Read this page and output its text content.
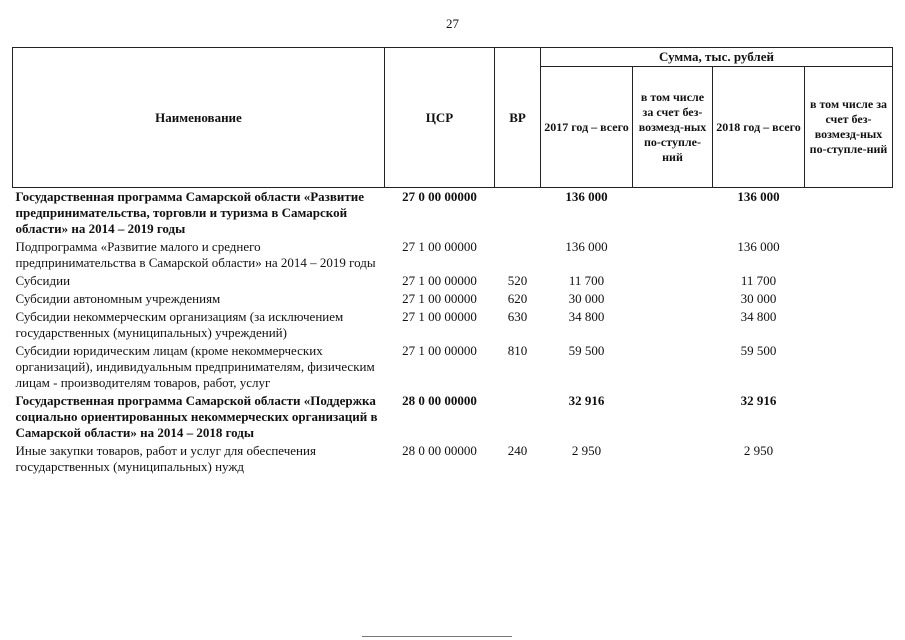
27
Наименование	ЦСР	ВР	Сумма, тыс. рублей			
			2017 год – всего	в том числе за счет без-возмезд-ных по-ступле-ний	2018 год – всего	в том числе за счет без-возмезд-ных по-ступле-ний
Государственная программа Самарской области «Развитие предпринимательства, торговли и туризма в Самарской области» на 2014 – 2019 годы	27 0 00 00000		136 000		136 000	
Подпрограмма «Развитие малого и среднего предпринимательства в Самарской области» на 2014 – 2019 годы	27 1 00 00000		136 000		136 000	
Субсидии	27 1 00 00000	520	11 700		11 700	
Субсидии автономным учреждениям	27 1 00 00000	620	30 000		30 000	
Субсидии некоммерческим организациям (за исключением государственных (муниципальных) учреждений)	27 1 00 00000	630	34 800		34 800	
Субсидии юридическим лицам (кроме некоммерческих организаций), индивидуальным предпринимателям, физическим лицам - производителям товаров, работ, услуг	27 1 00 00000	810	59 500		59 500	
Государственная программа Самарской области «Поддержка социально ориентированных некоммерческих организаций в Самарской области» на 2014 – 2018 годы	28 0 00 00000		32 916		32 916	
Иные закупки товаров, работ и услуг для обеспечения государственных (муниципальных) нужд	28 0 00 00000	240	2 950		2 950	
